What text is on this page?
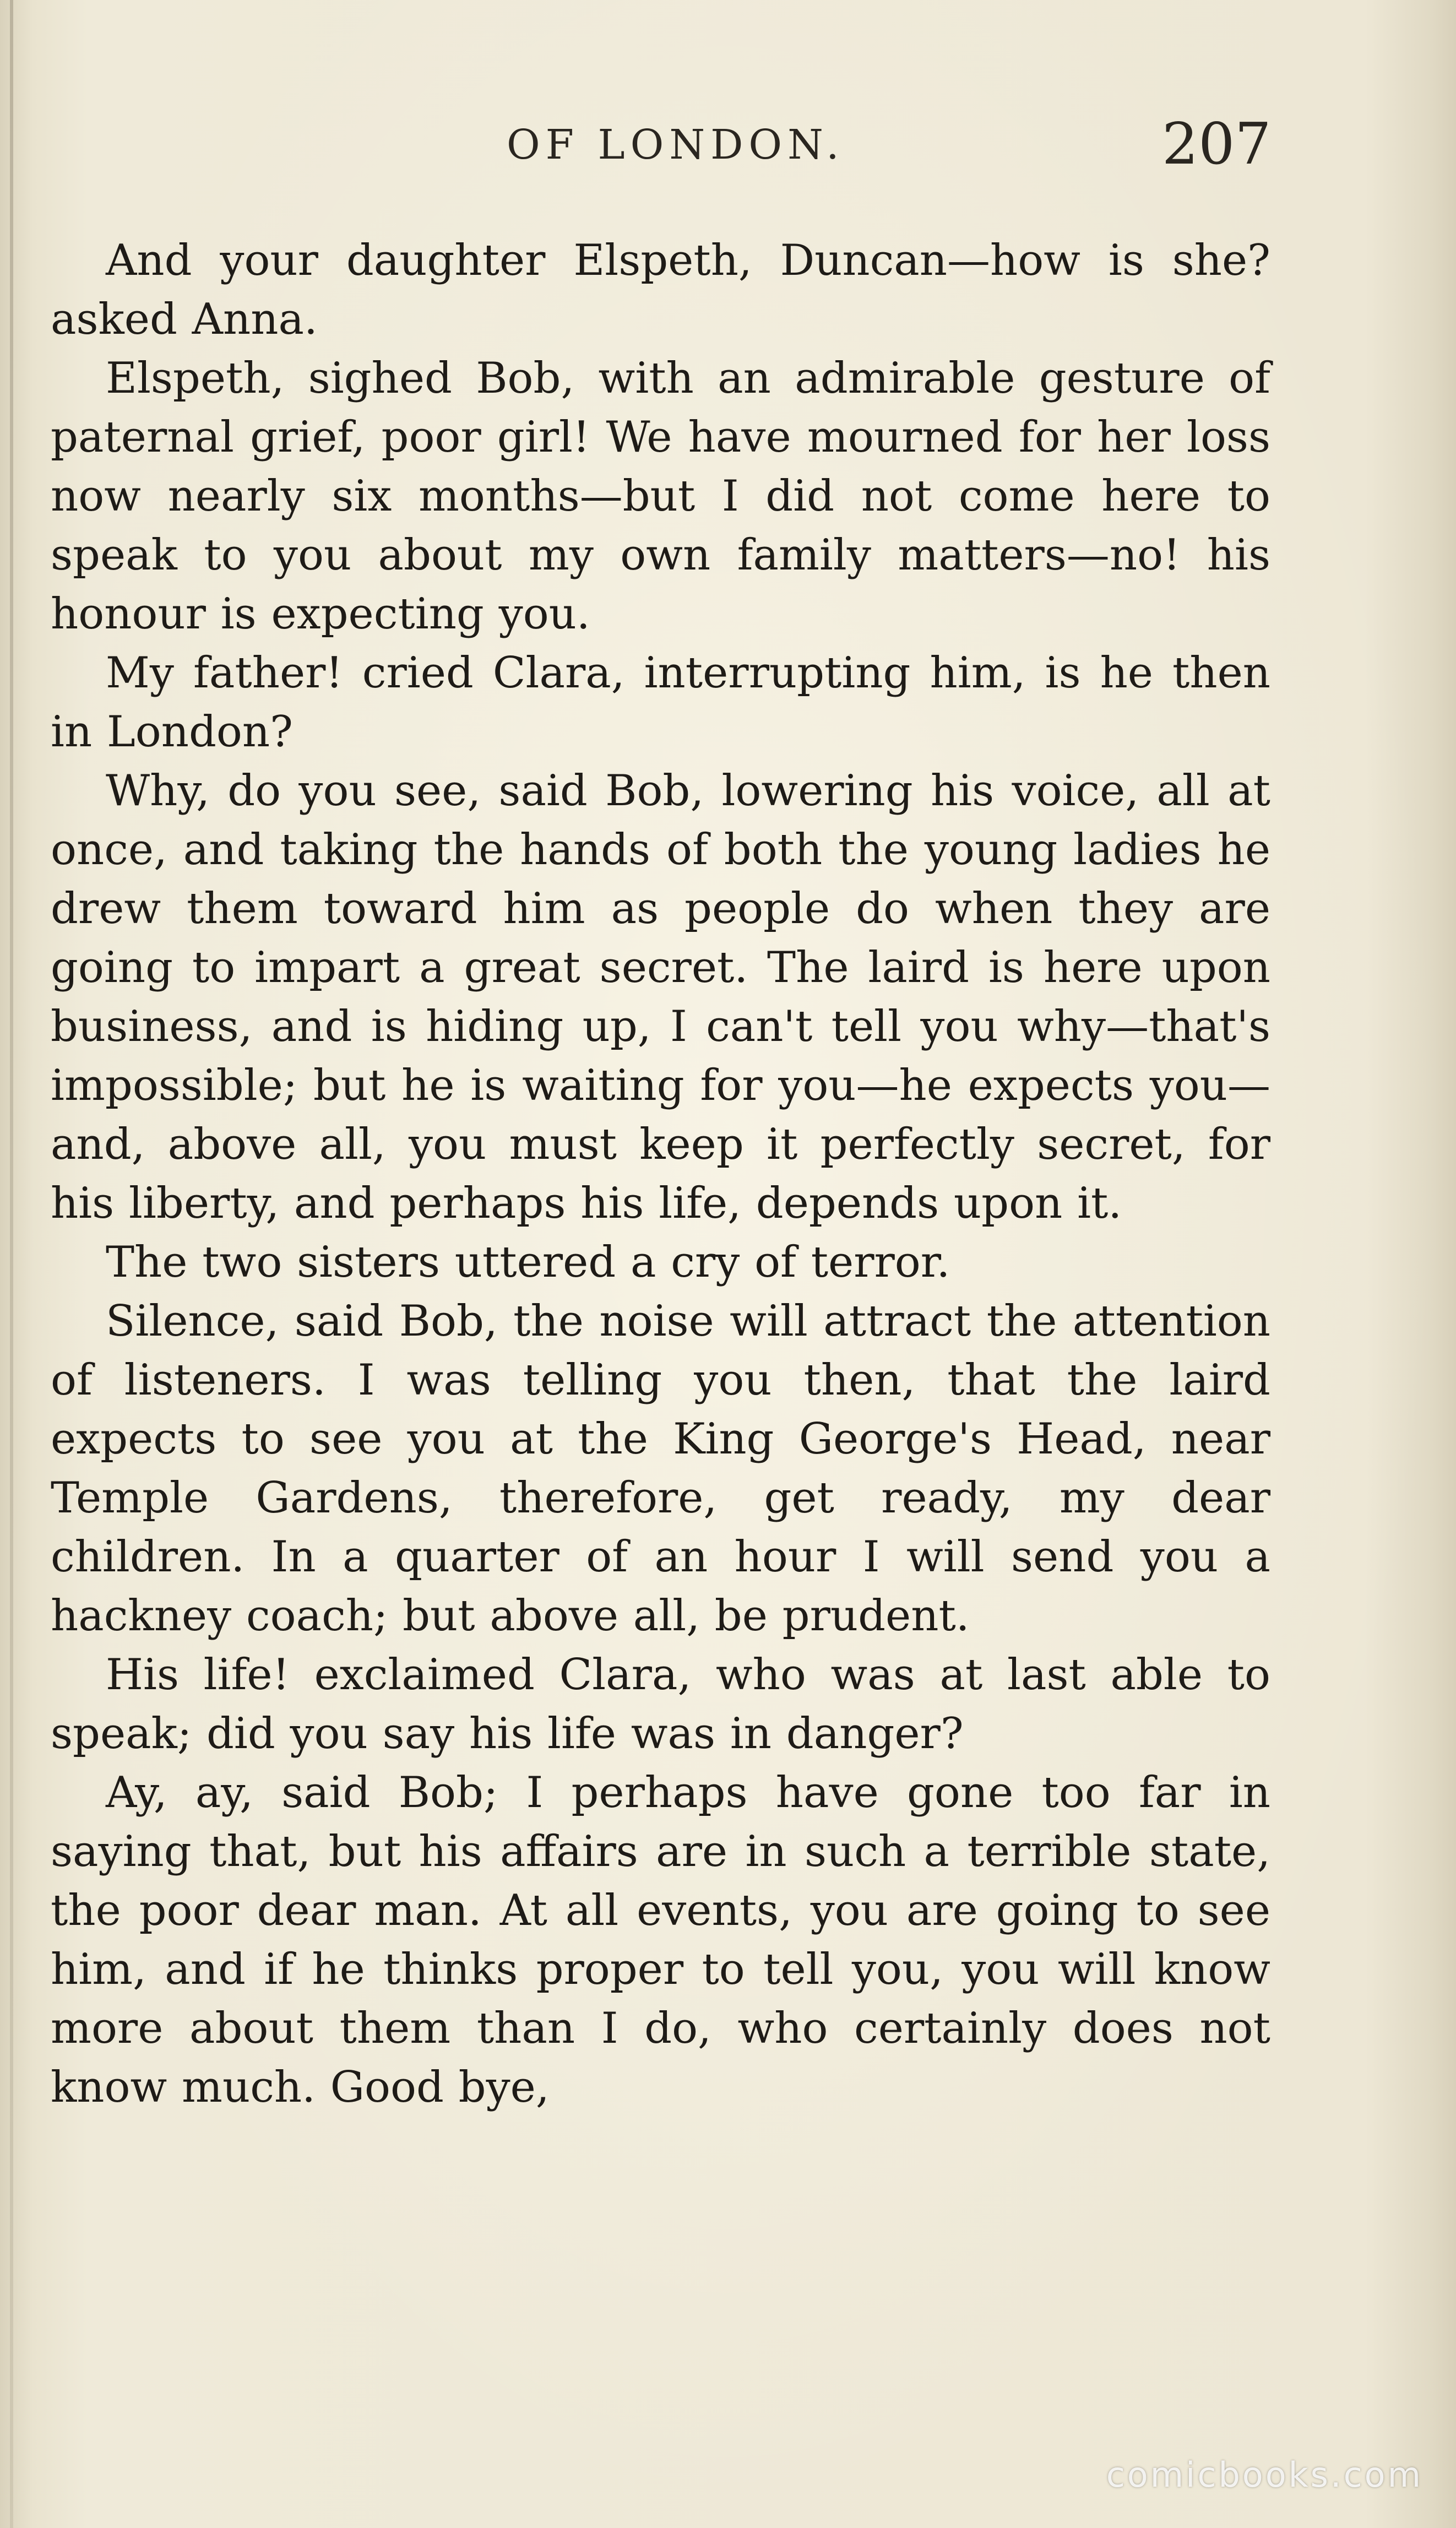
OF LONDON.	207

And your daughter Elspeth, Duncan—how is she? asked Anna.

Elspeth, sighed Bob, with an admirable gesture of paternal grief, poor girl! We have mourned for her loss now nearly six months—but I did not come here to speak to you about my own family matters—no! his honour is expecting you.

My father! cried Clara, interrupting him, is he then in London?

Why, do you see, said Bob, lowering his voice, all at once, and taking the hands of both the young ladies he drew them toward him as people do when they are going to impart a great secret. The laird is here upon business, and is hiding up, I can't tell you why—that's impossible; but he is waiting for you—he expects you—and, above all, you must keep it perfectly secret, for his liberty, and perhaps his life, depends upon it.

The two sisters uttered a cry of terror.

Silence, said Bob, the noise will attract the attention of listeners. I was telling you then, that the laird expects to see you at the King George's Head, near Temple Gardens, therefore, get ready, my dear children. In a quarter of an hour I will send you a hackney coach; but above all, be prudent.

His life! exclaimed Clara, who was at last able to speak; did you say his life was in danger?

Ay, ay, said Bob; I perhaps have gone too far in saying that, but his affairs are in such a terrible state, the poor dear man. At all events, you are going to see him, and if he thinks proper to tell you, you will know more about them than I do, who certainly does not know much. Good bye,

comicbooks.com
